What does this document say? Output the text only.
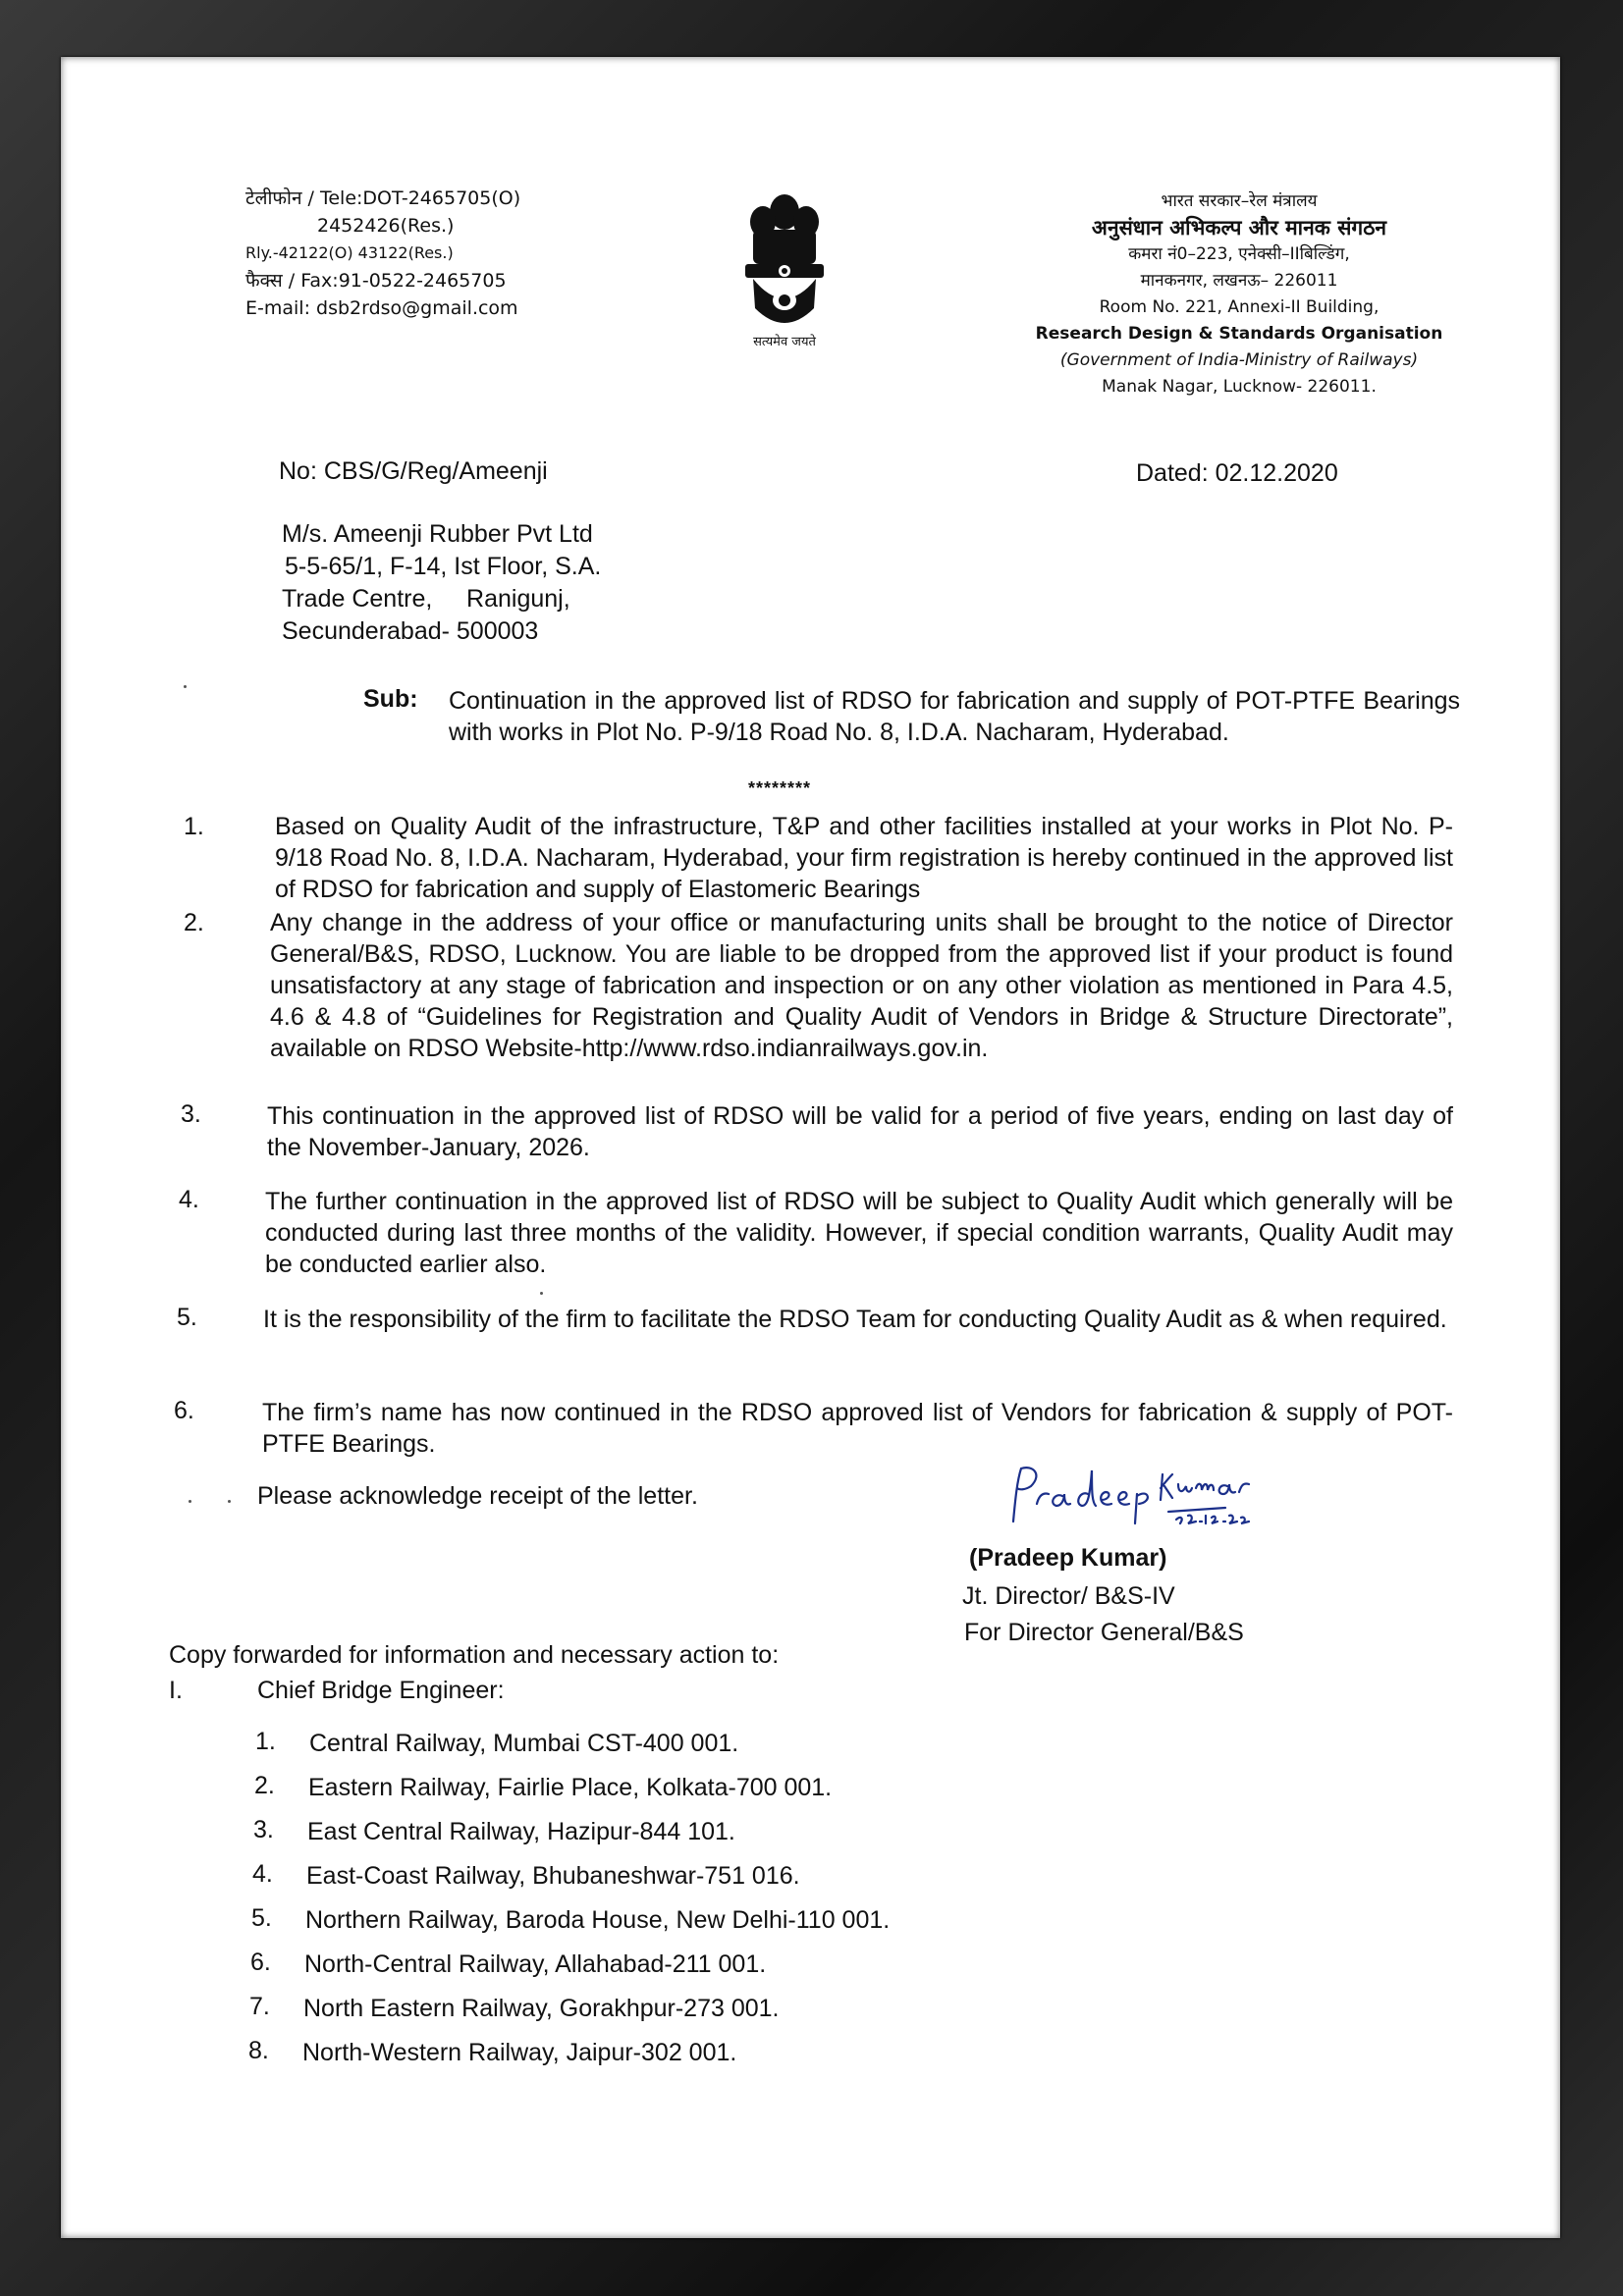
टेलीफोन / Tele:DOT-2465705(O)
2452426(Res.)
Rly.-42122(O) 43122(Res.)
फैक्स / Fax:91-0522-2465705
E-mail: dsb2rdso@gmail.com
सत्यमेव जयते
भारत सरकार–रेल मंत्रालय
अनुसंधान अभिकल्प और मानक संगठन
कमरा नं0–223, एनेक्सी–IIबिल्डिंग,
मानकनगर, लखनऊ– 226011
Room No. 221, Annexi-II Building,
Research Design & Standards Organisation
(Government of India-Ministry of Railways)
Manak Nagar, Lucknow- 226011.
No: CBS/G/Reg/Ameenji	Dated: 02.12.2020
M/s. Ameenji Rubber Pvt Ltd
5-5-65/1, F-14, Ist Floor, S.A.
Trade Centre,     Ranigunj,
Secunderabad- 500003
Sub: Continuation in the approved list of RDSO for fabrication and supply of POT-PTFE Bearings with works in Plot No. P-9/18 Road No. 8, I.D.A. Nacharam, Hyderabad.
********
1.	Based on Quality Audit of the infrastructure, T&P and other facilities installed at your works in Plot No. P-9/18 Road No. 8, I.D.A. Nacharam, Hyderabad, your firm registration is hereby continued in the approved list of RDSO for fabrication and supply of Elastomeric Bearings
2.	Any change in the address of your office or manufacturing units shall be brought to the notice of Director General/B&S, RDSO, Lucknow. You are liable to be dropped from the approved list if your product is found unsatisfactory at any stage of fabrication and inspection or on any other violation as mentioned in Para 4.5, 4.6 & 4.8 of “Guidelines for Registration and Quality Audit of Vendors in Bridge & Structure Directorate”, available on RDSO Website-http://www.rdso.indianrailways.gov.in.
3.	This continuation in the approved list of RDSO will be valid for a period of five years, ending on last day of the November-January, 2026.
4.	The further continuation in the approved list of RDSO will be subject to Quality Audit which generally will be conducted during last three months of the validity. However, if special condition warrants, Quality Audit may be conducted earlier also.
5.	It is the responsibility of the firm to facilitate the RDSO Team for conducting Quality Audit as & when required.
6.	The firm’s name has now continued in the RDSO approved list of Vendors for fabrication & supply of POT-PTFE Bearings.
Please acknowledge receipt of the letter.
(Pradeep Kumar)
Jt. Director/ B&S-IV
For Director General/B&S
Copy forwarded for information and necessary action to:
I.	Chief Bridge Engineer:
1. Central Railway, Mumbai CST-400 001.
2. Eastern Railway, Fairlie Place, Kolkata-700 001.
3. East Central Railway, Hazipur-844 101.
4. East-Coast Railway, Bhubaneshwar-751 016.
5. Northern Railway, Baroda House, New Delhi-110 001.
6. North-Central Railway, Allahabad-211 001.
7. North Eastern Railway, Gorakhpur-273 001.
8. North-Western Railway, Jaipur-302 001.
